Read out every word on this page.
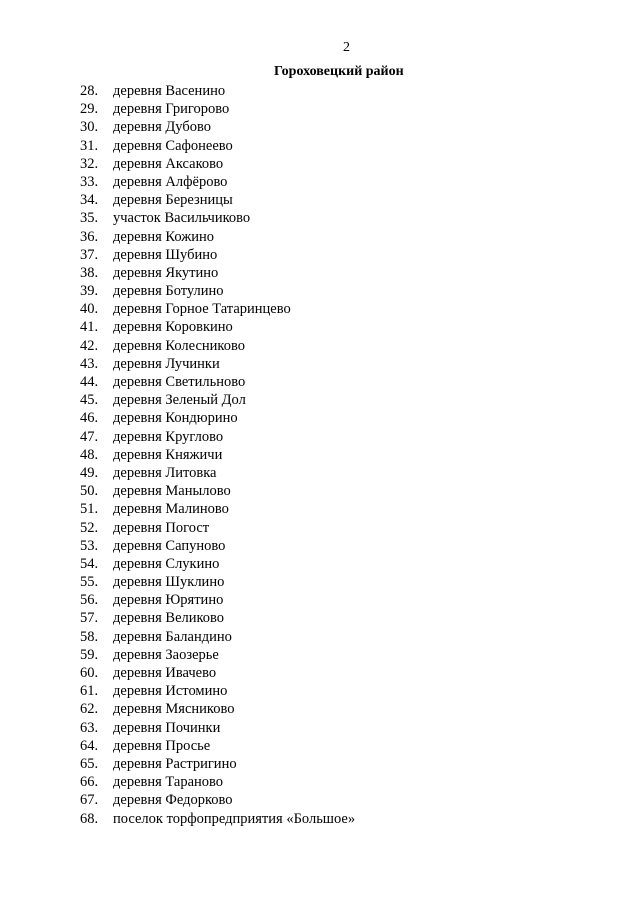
2
Гороховецкий район
28. деревня Васенино
29. деревня Григорово
30. деревня Дубово
31. деревня Сафонеево
32. деревня Аксаково
33. деревня Алфёрово
34. деревня Березницы
35. участок Васильчиково
36. деревня Кожино
37. деревня Шубино
38. деревня Якутино
39. деревня Ботулино
40. деревня Горное Татаринцево
41. деревня Коровкино
42. деревня Колесниково
43. деревня Лучинки
44. деревня Светильново
45. деревня Зеленый Дол
46. деревня Кондюрино
47. деревня Круглово
48. деревня Княжичи
49. деревня Литовка
50. деревня Манылово
51. деревня Малиново
52. деревня Погост
53. деревня Сапуново
54. деревня Слукино
55. деревня Шуклино
56. деревня Юрятино
57. деревня Великово
58. деревня Баландино
59. деревня Заозерье
60. деревня Ивачево
61. деревня Истомино
62. деревня Мясниково
63. деревня Починки
64. деревня Просье
65. деревня Растригино
66. деревня Тараново
67. деревня Федорково
68. поселок торфопредприятия «Большое»
